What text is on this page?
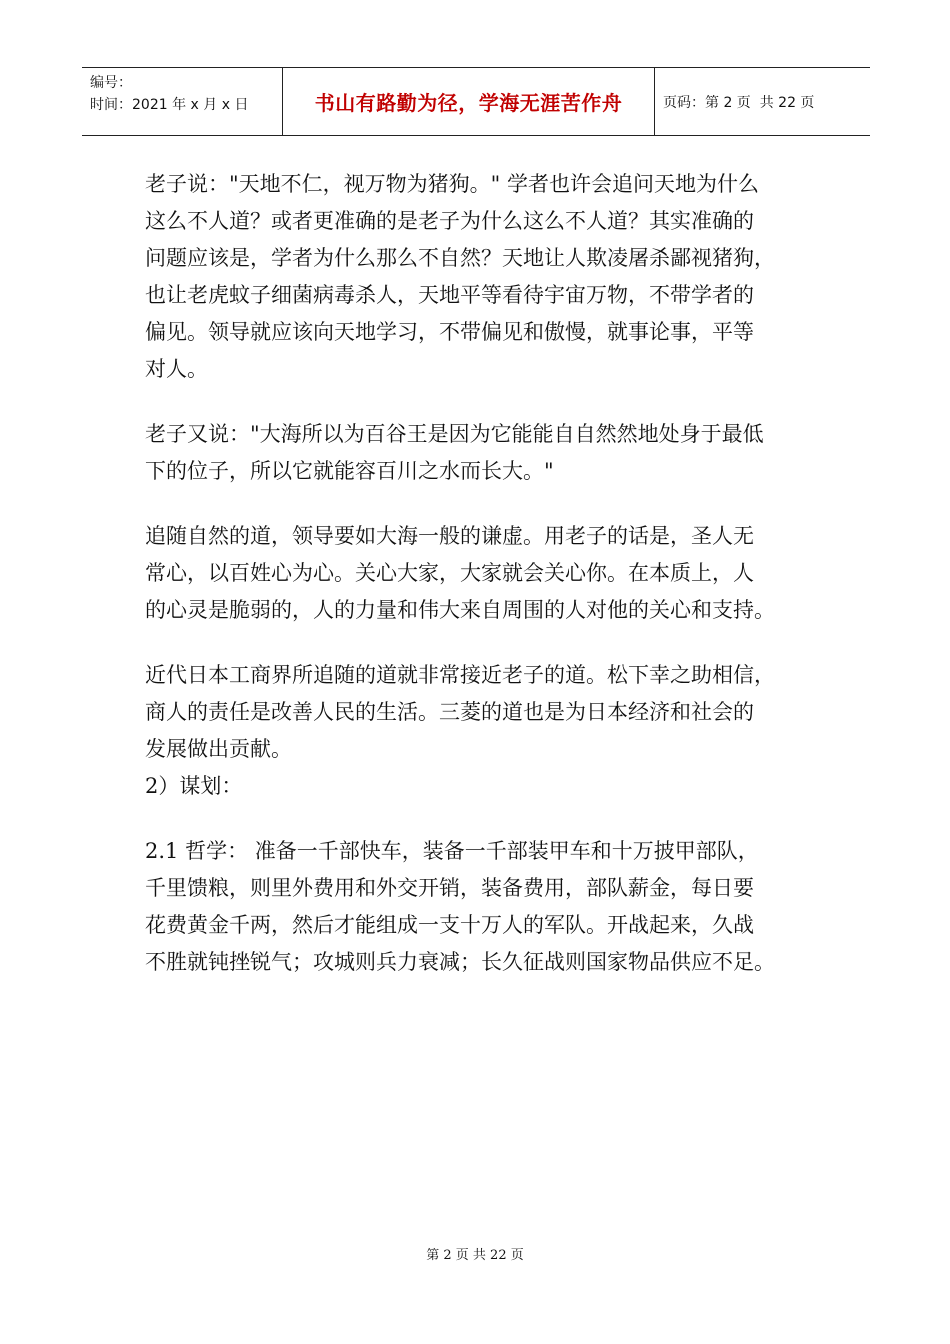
编号：
时间：2021 年 x 月 x 日	书山有路勤为径，学海无涯苦作舟	页码：第 2 页  共 22 页

老子说："天地不仁，视万物为猪狗。" 学者也许会追问天地为什么
这么不人道？或者更准确的是老子为什么这么不人道？其实准确的
问题应该是，学者为什么那么不自然？天地让人欺凌屠杀鄙视猪狗，
也让老虎蚊子细菌病毒杀人，天地平等看待宇宙万物，不带学者的
偏见。领导就应该向天地学习，不带偏见和傲慢，就事论事，平等
对人。

老子又说："大海所以为百谷王是因为它能能自自然然地处身于最低
下的位子，所以它就能容百川之水而长大。"

追随自然的道，领导要如大海一般的谦虚。用老子的话是，圣人无
常心，以百姓心为心。关心大家，大家就会关心你。在本质上，人
的心灵是脆弱的，人的力量和伟大来自周围的人对他的关心和支持。

近代日本工商界所追随的道就非常接近老子的道。松下幸之助相信，
商人的责任是改善人民的生活。三菱的道也是为日本经济和社会的
发展做出贡献。
2）谋划：

2.1 哲学： 准备一千部快车，装备一千部装甲车和十万披甲部队，
千里馈粮，则里外费用和外交开销，装备费用，部队薪金，每日要
花费黄金千两，然后才能组成一支十万人的军队。开战起来，久战
不胜就钝挫锐气；攻城则兵力衰减；长久征战则国家物品供应不足。

第 2 页 共 22 页
